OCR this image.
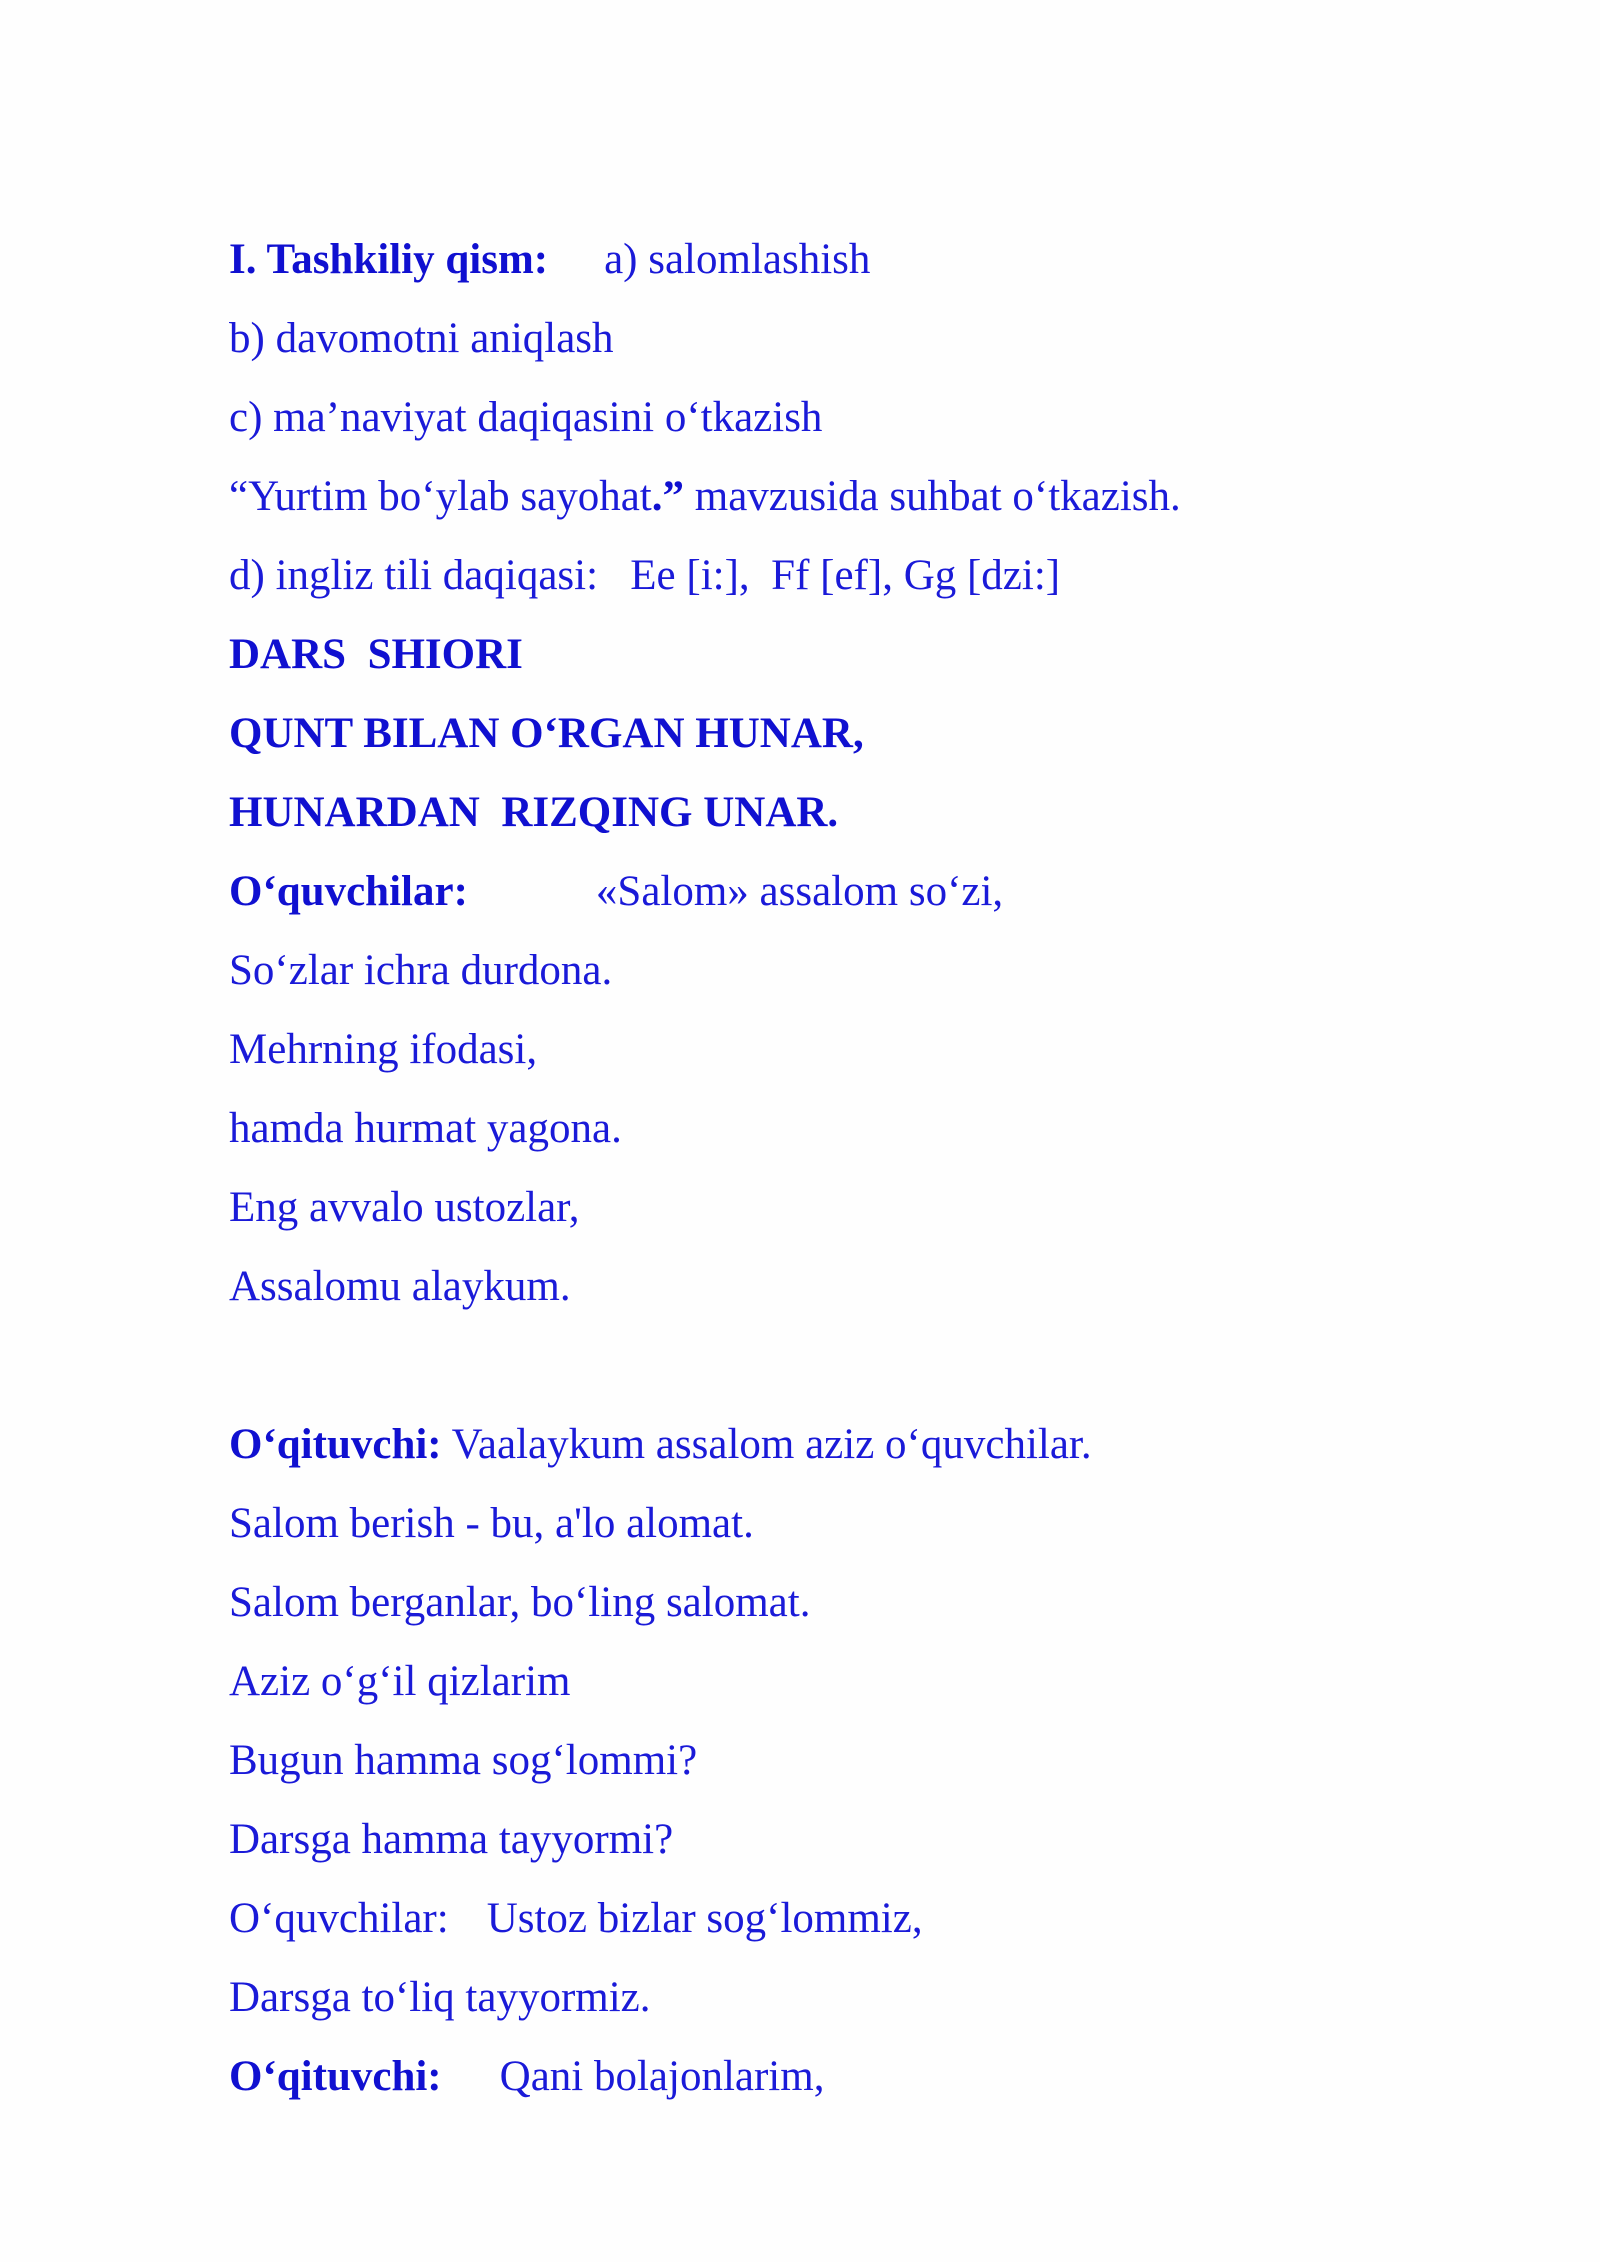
I. Tashkiliy qism: a) salomlashish
b) davomotni aniqlash
c) ma’naviyat daqiqasini o‘tkazish
“Yurtim bo‘ylab sayohat.” mavzusida suhbat o‘tkazish.
d) ingliz tili daqiqasi:   Ee [i:],  Ff [ef], Gg [dzi:]
DARS  SHIORI
QUNT BILAN O‘RGAN HUNAR,
HUNARDAN  RIZQING UNAR.
O‘quvchilar:	«Salom» assalom so‘zi,
So‘zlar ichra durdona.
Mehrning ifodasi,
hamda hurmat yagona.
Eng avvalo ustozlar,
Assalomu alaykum.
O‘qituvchi: Vaalaykum assalom aziz o‘quvchilar.
Salom berish - bu, a'lo alomat.
Salom berganlar, bo‘ling salomat.
Aziz o‘g‘il qizlarim
Bugun hamma sog‘lommi?
Darsga hamma tayyormi?
O‘quvchilar: Ustoz bizlar sog‘lommiz,
Darsga to‘liq tayyormiz.
O‘qituvchi: Qani bolajonlarim,
